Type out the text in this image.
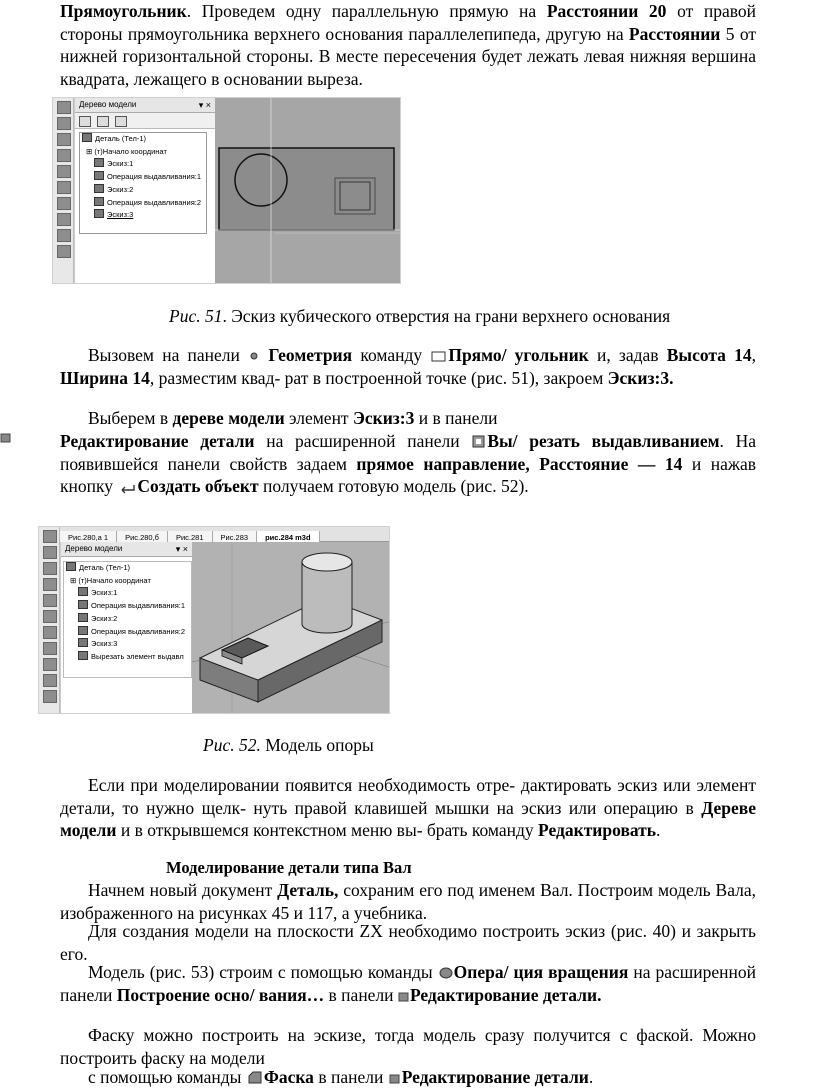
Прямоугольник. Проведем одну параллельную прямую на Расстоянии 20 от правой стороны прямоугольника верхнего основания параллелепипеда, другую на Расстоянии 5 от нижней горизонтальной стороны. В месте пересечения будет лежать левая нижняя вершина квадрата, лежащего в основании выреза.
Дерево модели	▾ ×
Деталь (Тел-1)
⊞ (т)Начало координат
Эскиз:1
Операция выдавливания:1
Эскиз:2
Операция выдавливания:2
Эскиз:3
Рис. 51. Эскиз кубического отверстия на грани верхнего основания
Вызовем на панели  Геометрия команду Прямо/ угольник и, задав Высота 14, Ширина 14, разместим квад- рат в построенной точке (рис. 51), закроем Эскиз:3.
Выберем в дереве модели элемент Эскиз:3 и в панели
Редактирование детали на расширенной панели Вы/ резать выдавливанием. На появившейся панели свойств задаем прямое направление, Расстояние — 14 и нажав кнопку Создать объект получаем готовую модель (рис. 52).
Рис.280,а 1 Рис.280,б Рис.281 Рис.283 рис.284 m3d
Дерево модели	▾ ×
Деталь (Тел-1)
⊞ (т)Начало координат
Эскиз:1
Операция выдавливания:1
Эскиз:2
Операция выдавливания:2
Эскиз:3
Вырезать элемент выдавл
Рис. 52. Модель опоры
Если при моделировании появится необходимость отре- дактировать эскиз или элемент детали, то нужно щелк- нуть правой клавишей мышки на эскиз или операцию в Дереве модели и в открывшемся контекстном меню вы- брать команду Редактировать.
Моделирование детали типа Вал
Начнем новый документ Деталь, сохраним его под именем Вал. Построим модель Вала, изображенного на рисунках 45 и 117, а учебника.
Для создания модели на плоскости ZX необходимо построить эскиз (рис. 40) и закрыть его.
Модель (рис. 53) строим с помощью команды Опера/ ция вращения на расширенной панели Построение осно/ вания… в панели Редактирование детали.
Фаску можно построить на эскизе, тогда модель сразу получится с фаской. Можно построить фаску на модели
с помощью команды Фаска в панели Редактирование детали.
